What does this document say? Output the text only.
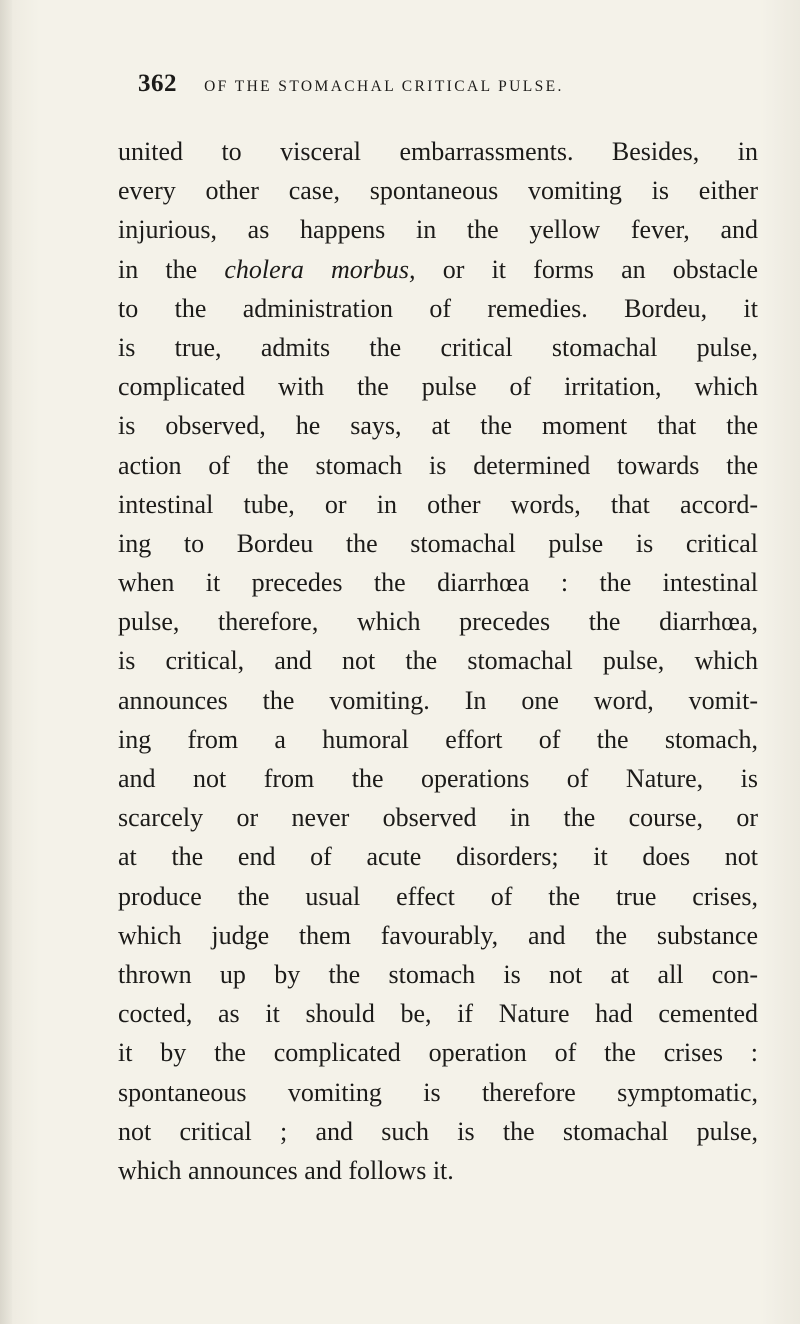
362 OF THE STOMACHAL CRITICAL PULSE.
united to visceral embarrassments. Besides, in
every other case, spontaneous vomiting is either
injurious, as happens in the yellow fever, and
in the cholera morbus, or it forms an obstacle
to the administration of remedies. Bordeu, it
is true, admits the critical stomachal pulse,
complicated with the pulse of irritation, which
is observed, he says, at the moment that the
action of the stomach is determined towards the
intestinal tube, or in other words, that accord-
ing to Bordeu the stomachal pulse is critical
when it precedes the diarrhœa : the intestinal
pulse, therefore, which precedes the diarrhœa,
is critical, and not the stomachal pulse, which
announces the vomiting. In one word, vomit-
ing from a humoral effort of the stomach,
and not from the operations of Nature, is
scarcely or never observed in the course, or
at the end of acute disorders; it does not
produce the usual effect of the true crises,
which judge them favourably, and the substance
thrown up by the stomach is not at all con-
cocted, as it should be, if Nature had cemented
it by the complicated operation of the crises :
spontaneous vomiting is therefore symptomatic,
not critical ; and such is the stomachal pulse,
which announces and follows it.
